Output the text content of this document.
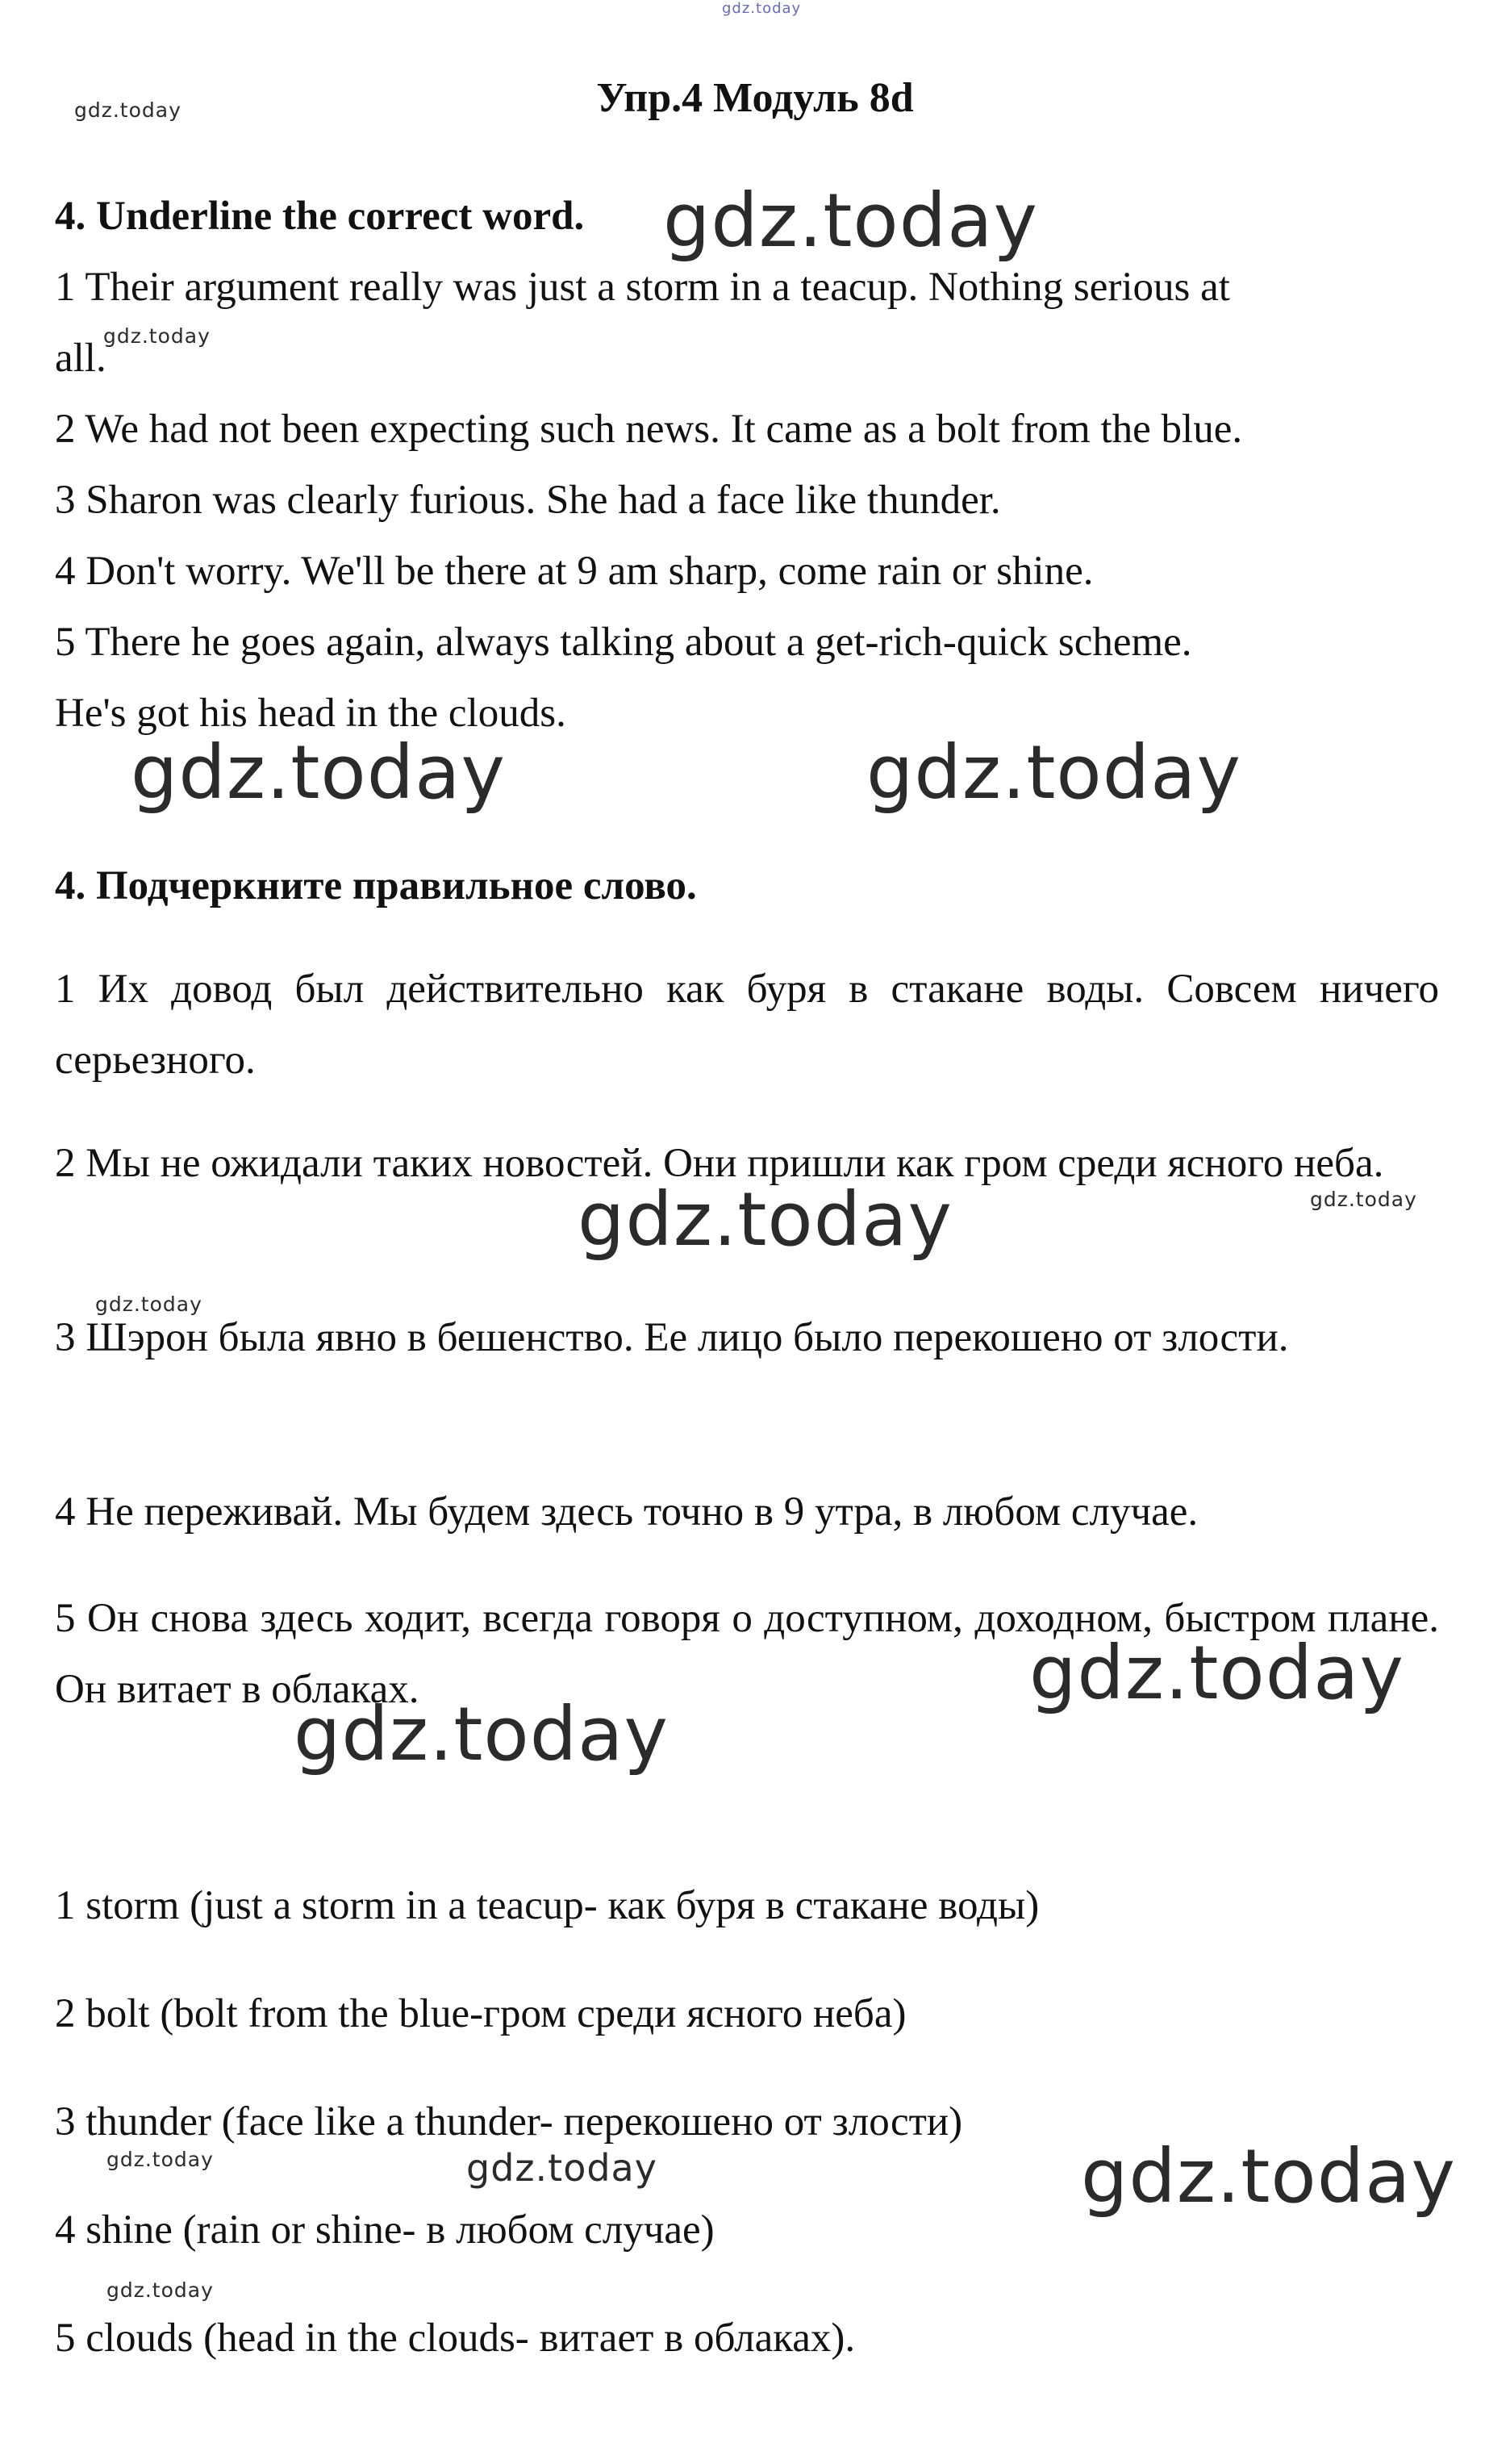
Упр.4 Модуль 8d

4. Underline the correct word.

1 Their argument really was just a storm in a teacup. Nothing serious at

all.

2 We had not been expecting such news. It came as a bolt from the blue.

3 Sharon was clearly furious. She had a face like thunder.

4 Don't worry. We'll be there at 9 am sharp, come rain or shine.

5 There he goes again, always talking about a get-rich-quick scheme.

He's got his head in the clouds.

4. Подчеркните правильное слово.

1 Их довод был действительно как буря в стакане воды. Совсем ничего серьезного.

2 Мы не ожидали таких новостей. Они пришли как гром среди ясного неба.

3 Шэрон была явно в бешенство. Ее лицо было перекошено от злости.

4 Не переживай. Мы будем здесь точно в 9 утра, в любом случае.

5 Он снова здесь ходит, всегда говоря о доступном, доходном, быстром плане. Он витает в облаках.

1 storm (just a storm in a teacup- как буря в стакане воды)

2 bolt (bolt from the blue-гром среди ясного неба)

3 thunder (face like a thunder- перекошено от злости)

4 shine (rain or shine- в любом случае)

5 clouds (head in the clouds- витает в облаках).

gdz.today
gdz.today
gdz.today
gdz.today
gdz.today	gdz.today
gdz.today	gdz.today
gdz.today
gdz.today
gdz.today
gdz.today	gdz.today	gdz.today
gdz.today
